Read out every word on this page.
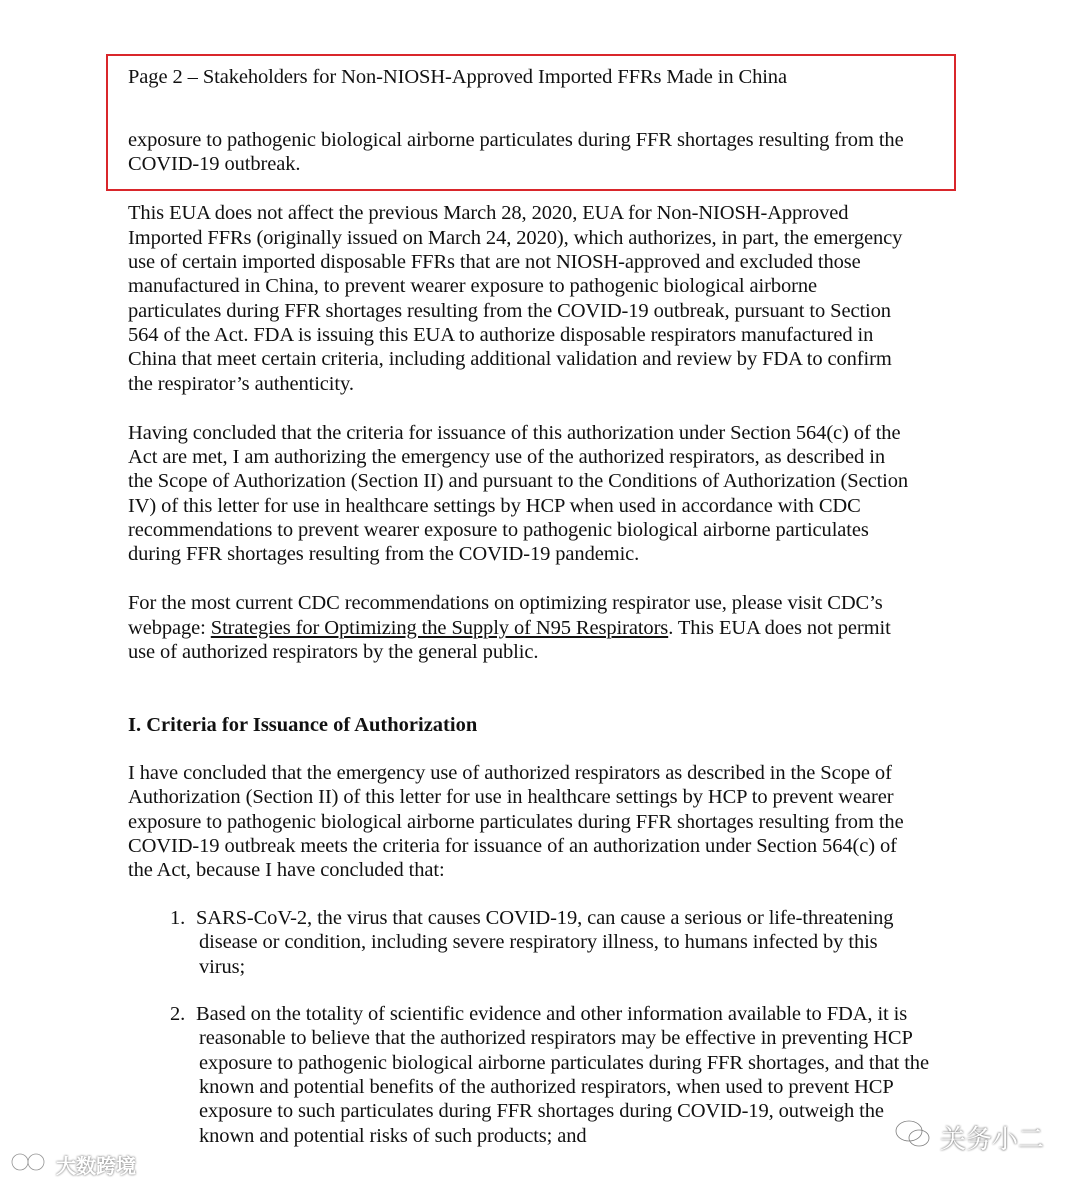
Page 2 – Stakeholders for Non-NIOSH-Approved Imported FFRs Made in China
exposure to pathogenic biological airborne particulates during FFR shortages resulting from the
COVID-19 outbreak.
This EUA does not affect the previous March 28, 2020, EUA for Non-NIOSH-Approved
Imported FFRs (originally issued on March 24, 2020), which authorizes, in part, the emergency
use of certain imported disposable FFRs that are not NIOSH-approved and excluded those
manufactured in China, to prevent wearer exposure to pathogenic biological airborne
particulates during FFR shortages resulting from the COVID-19 outbreak, pursuant to Section
564 of the Act. FDA is issuing this EUA to authorize disposable respirators manufactured in
China that meet certain criteria, including additional validation and review by FDA to confirm
the respirator’s authenticity.
Having concluded that the criteria for issuance of this authorization under Section 564(c) of the
Act are met, I am authorizing the emergency use of the authorized respirators, as described in
the Scope of Authorization (Section II) and pursuant to the Conditions of Authorization (Section
IV) of this letter for use in healthcare settings by HCP when used in accordance with CDC
recommendations to prevent wearer exposure to pathogenic biological airborne particulates
during FFR shortages resulting from the COVID-19 pandemic.
For the most current CDC recommendations on optimizing respirator use, please visit CDC’s
webpage: Strategies for Optimizing the Supply of N95 Respirators. This EUA does not permit
use of authorized respirators by the general public.
I. Criteria for Issuance of Authorization
I have concluded that the emergency use of authorized respirators as described in the Scope of
Authorization (Section II) of this letter for use in healthcare settings by HCP to prevent wearer
exposure to pathogenic biological airborne particulates during FFR shortages resulting from the
COVID-19 outbreak meets the criteria for issuance of an authorization under Section 564(c) of
the Act, because I have concluded that:
1. SARS-CoV-2, the virus that causes COVID-19, can cause a serious or life-threatening
disease or condition, including severe respiratory illness, to humans infected by this
virus;
2. Based on the totality of scientific evidence and other information available to FDA, it is
reasonable to believe that the authorized respirators may be effective in preventing HCP
exposure to pathogenic biological airborne particulates during FFR shortages, and that the
known and potential benefits of the authorized respirators, when used to prevent HCP
exposure to such particulates during FFR shortages during COVID-19, outweigh the
known and potential risks of such products; and
大数跨境
关务小二
